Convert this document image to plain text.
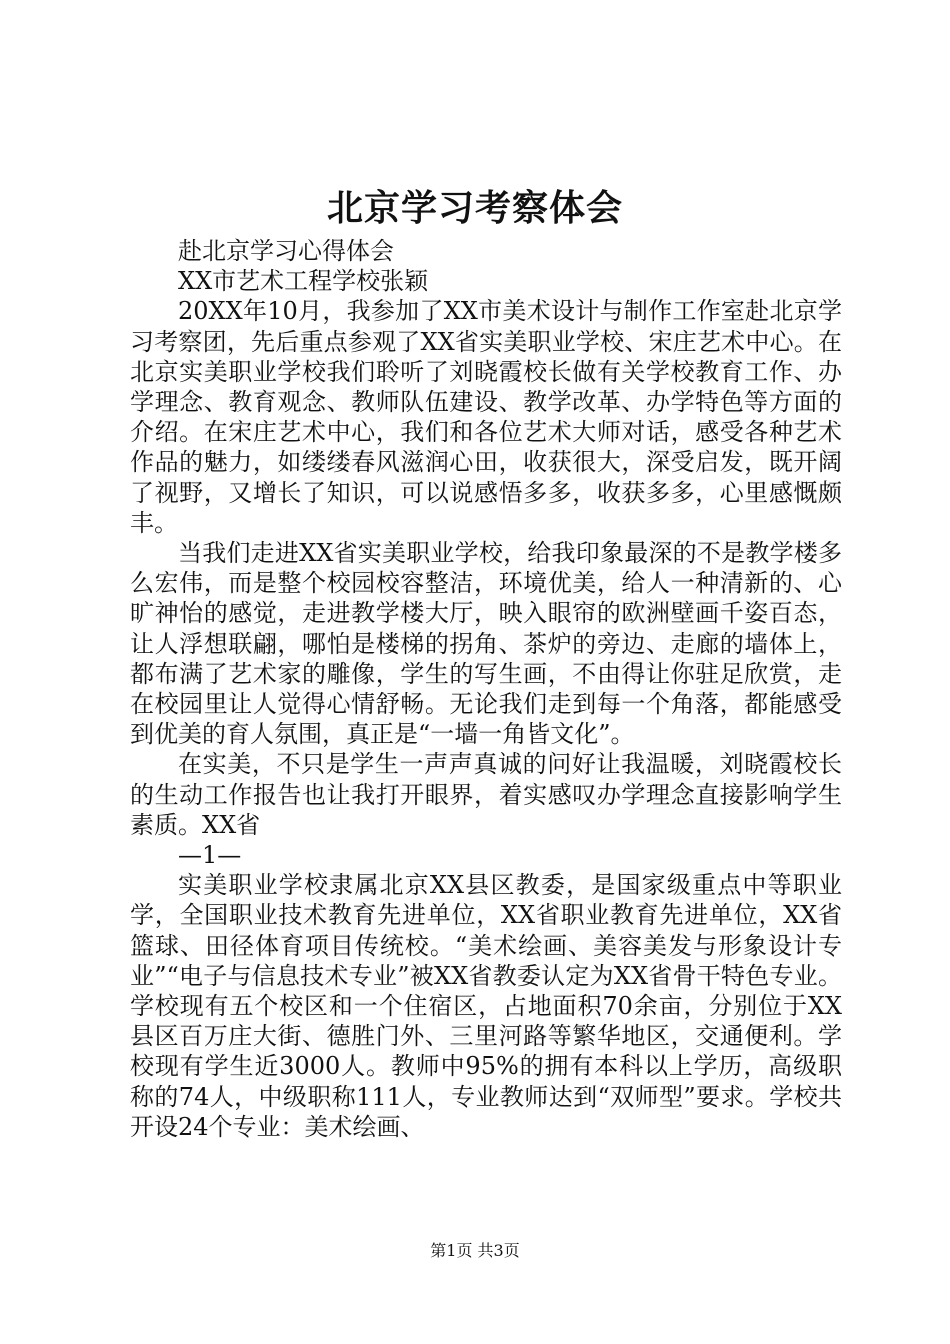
北京学习考察体会

赴北京学习心得体会

XX市艺术工程学校张颖

20XX年10月，我参加了XX市美术设计与制作工作室赴北京学习考察团，先后重点参观了XX省实美职业学校、宋庄艺术中心。在北京实美职业学校我们聆听了刘晓霞校长做有关学校教育工作、办学理念、教育观念、教师队伍建设、教学改革、办学特色等方面的介绍。在宋庄艺术中心，我们和各位艺术大师对话，感受各种艺术作品的魅力，如缕缕春风滋润心田，收获很大，深受启发，既开阔了视野，又增长了知识，可以说感悟多多，收获多多，心里感慨颇丰。

当我们走进XX省实美职业学校，给我印象最深的不是教学楼多么宏伟，而是整个校园校容整洁，环境优美，给人一种清新的、心旷神怡的感觉，走进教学楼大厅，映入眼帘的欧洲壁画千姿百态，让人浮想联翩，哪怕是楼梯的拐角、茶炉的旁边、走廊的墙体上，都布满了艺术家的雕像，学生的写生画，不由得让你驻足欣赏，走在校园里让人觉得心情舒畅。无论我们走到每一个角落，都能感受到优美的育人氛围，真正是“一墙一角皆文化”。

在实美，不只是学生一声声真诚的问好让我温暖，刘晓霞校长的生动工作报告也让我打开眼界，着实感叹办学理念直接影响学生素质。XX省

—1—

实美职业学校隶属北京XX县区教委，是国家级重点中等职业学，全国职业技术教育先进单位，XX省职业教育先进单位，XX省篮球、田径体育项目传统校。“美术绘画、美容美发与形象设计专业”“电子与信息技术专业”被XX省教委认定为XX省骨干特色专业。学校现有五个校区和一个住宿区，占地面积70余亩，分别位于XX县区百万庄大街、德胜门外、三里河路等繁华地区，交通便利。学校现有学生近3000人。教师中95%的拥有本科以上学历，高级职称的74人，中级职称111人，专业教师达到“双师型”要求。学校共开设24个专业：美术绘画、

第1页 共3页
